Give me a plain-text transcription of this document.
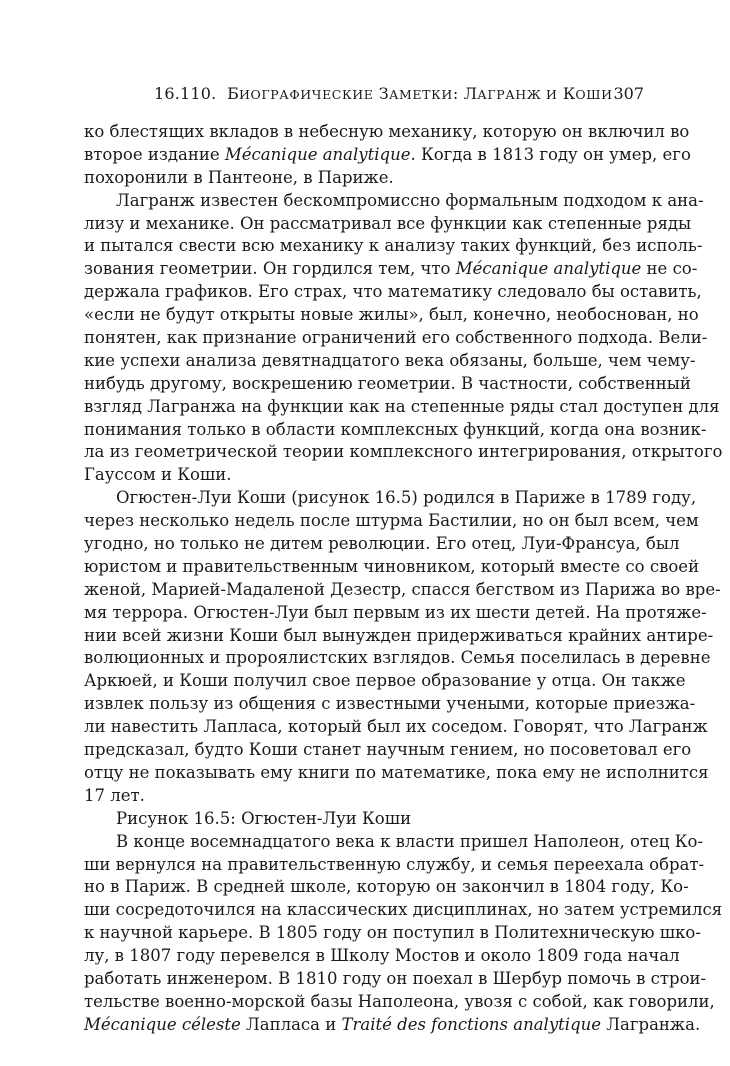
16.110. БИОГРАФИЧЕСКИЕ ЗАМЕТКИ: ЛАГРАНЖ И КОШИ 307
ко блестящих вкладов в небесную механику, которую он включил во
второе издание Mécanique analytique. Когда в 1813 году он умер, его
похоронили в Пантеоне, в Париже.
Лагранж известен бескомпромиссно формальным подходом к ана-
лизу и механике. Он рассматривал все функции как степенные ряды
и пытался свести всю механику к анализу таких функций, без исполь-
зования геометрии. Он гордился тем, что Mécanique analytique не со-
держала графиков. Его страх, что математику следовало бы оставить,
«если не будут открыты новые жилы», был, конечно, необоснован, но
понятен, как признание ограничений его собственного подхода. Вели-
кие успехи анализа девятнадцатого века обязаны, больше, чем чему-
нибудь другому, воскрешению геометрии. В частности, собственный
взгляд Лагранжа на функции как на степенные ряды стал доступен для
понимания только в области комплексных функций, когда она возник-
ла из геометрической теории комплексного интегрирования, открытого
Гауссом и Коши.
Огюстен-Луи Коши (рисунок 16.5) родился в Париже в 1789 году,
через несколько недель после штурма Бастилии, но он был всем, чем
угодно, но только не дитем революции. Его отец, Луи-Франсуа, был
юристом и правительственным чиновником, который вместе со своей
женой, Марией-Мадаленой Дезестр, спасся бегством из Парижа во вре-
мя террора. Огюстен-Луи был первым из их шести детей. На протяже-
нии всей жизни Коши был вынужден придерживаться крайних антире-
волюционных и пророялистских взглядов. Семья поселилась в деревне
Аркюей, и Коши получил свое первое образование у отца. Он также
извлек пользу из общения с известными учеными, которые приезжа-
ли навестить Лапласа, который был их соседом. Говорят, что Лагранж
предсказал, будто Коши станет научным гением, но посоветовал его
отцу не показывать ему книги по математике, пока ему не исполнится
17 лет.
Рисунок 16.5: Огюстен-Луи Коши
В конце восемнадцатого века к власти пришел Наполеон, отец Ко-
ши вернулся на правительственную службу, и семья переехала обрат-
но в Париж. В средней школе, которую он закончил в 1804 году, Ко-
ши сосредоточился на классических дисциплинах, но затем устремился
к научной карьере. В 1805 году он поступил в Политехническую шко-
лу, в 1807 году перевелся в Школу Мостов и около 1809 года начал
работать инженером. В 1810 году он поехал в Шербур помочь в строи-
тельстве военно-морской базы Наполеона, увозя с собой, как говорили,
Mécanique céleste Лапласа и Traité des fonctions analytique Лагранжа.
